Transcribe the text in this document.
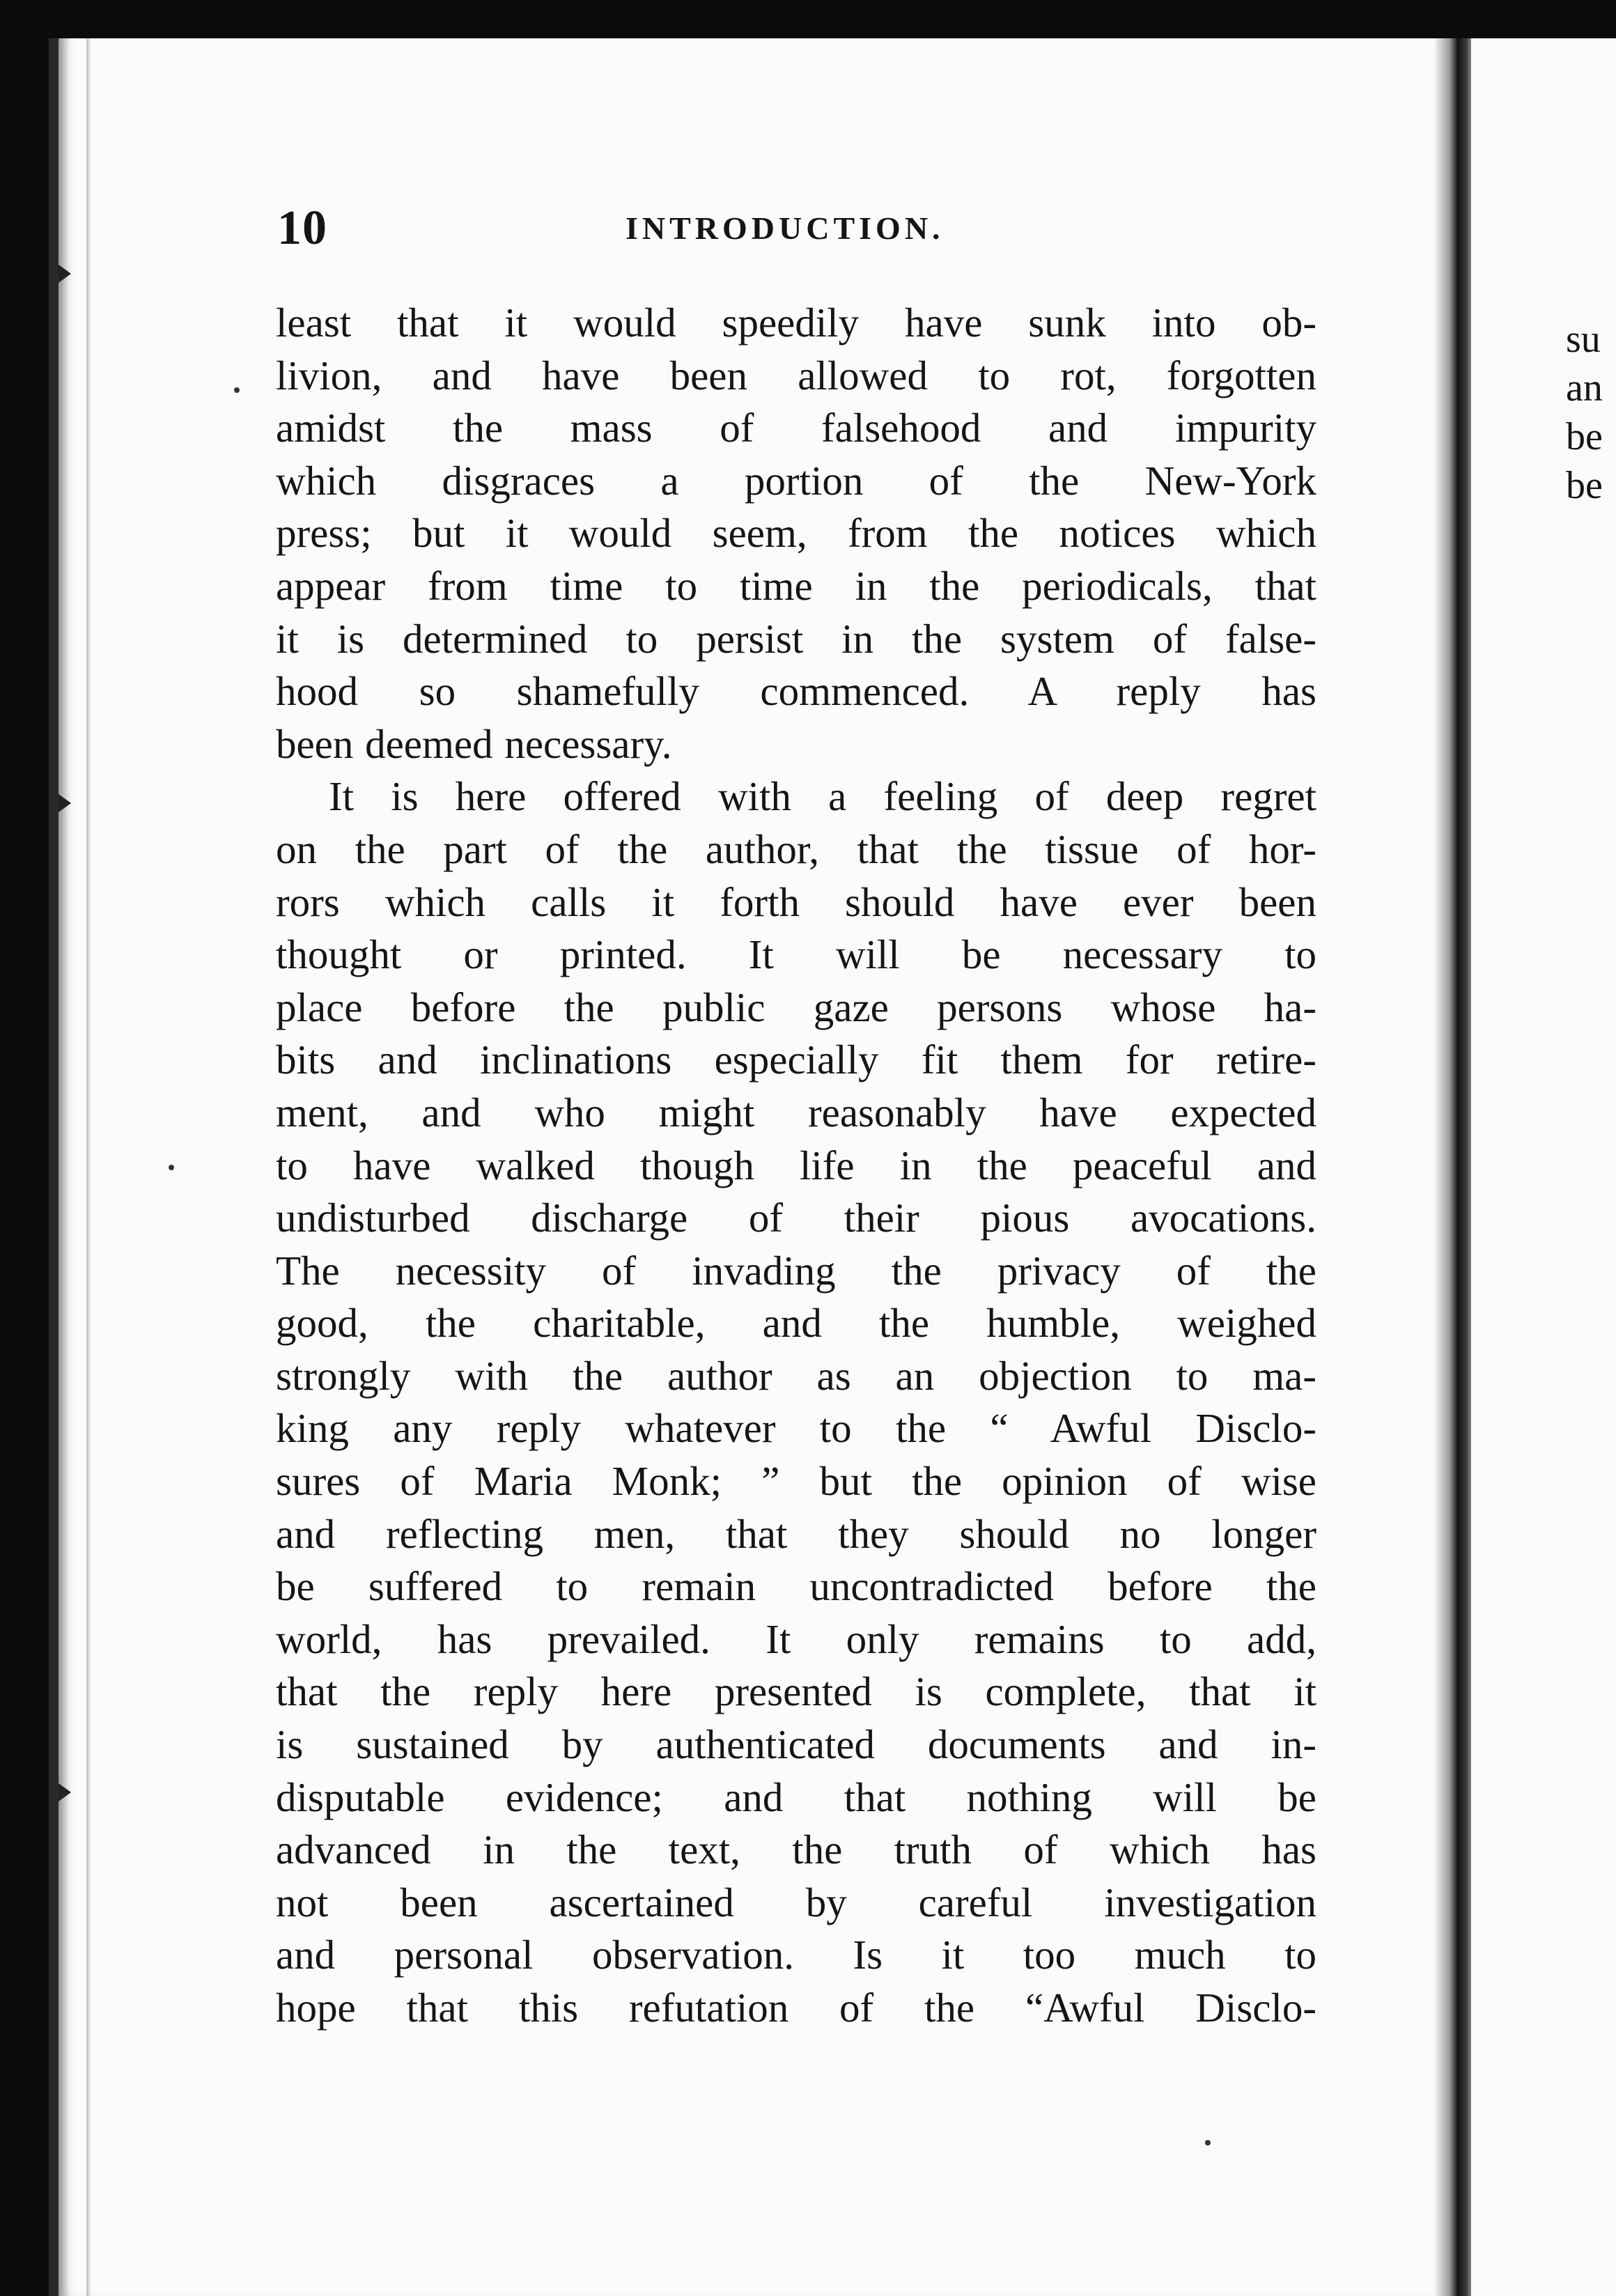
10	INTRODUCTION.
least that it would speedily have sunk into ob-
livion, and have been allowed to rot, forgotten
amidst the mass of falsehood and impurity
which disgraces a portion of the New-York
press; but it would seem, from the notices which
appear from time to time in the periodicals, that
it is determined to persist in the system of false-
hood so shamefully commenced. A reply has
been deemed necessary.
It is here offered with a feeling of deep regret
on the part of the author, that the tissue of hor-
rors which calls it forth should have ever been
thought or printed. It will be necessary to
place before the public gaze persons whose ha-
bits and inclinations especially fit them for retire-
ment, and who might reasonably have expected
to have walked though life in the peaceful and
undisturbed discharge of their pious avocations.
The necessity of invading the privacy of the
good, the charitable, and the humble, weighed
strongly with the author as an objection to ma-
king any reply whatever to the “ Awful Disclo-
sures of Maria Monk; ” but the opinion of wise
and reflecting men, that they should no longer
be suffered to remain uncontradicted before the
world, has prevailed. It only remains to add,
that the reply here presented is complete, that it
is sustained by authenticated documents and in-
disputable evidence; and that nothing will be
advanced in the text, the truth of which has
not been ascertained by careful investigation
and personal observation. Is it too much to
hope that this refutation of the “Awful Disclo-
su
an
be
be
